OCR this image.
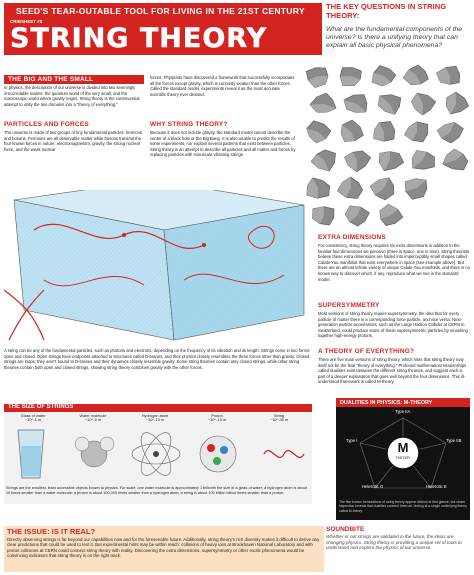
SEED'S TEAR-OUTABLE TOOL FOR LIVING IN THE 21ST CENTURY
CRIBSHEET #8
STRING THEORY
THE KEY QUESTIONS IN STRING THEORY:
What are the fundamental components of the universe? Is there a unifying theory that can explain all basic physical phenomena?
THE BIG AND THE SMALL
In physics, the description of our universe is divided into two seemingly irreconcilable realms: the quantum world of the very small, and the macroscopic world where gravity reigns. String theory is the controversial attempt to unify the two domains into a "theory of everything."
forces. Physicists have discovered a framework that successfully incorporates all the forces except gravity, which is curiously weaker than the other forces. Called the standard model, experiments reveal it as the most accurate scientific theory ever devised.
PARTICLES AND FORCES
The universe is made of two groups of tiny fundamental particles: fermions and bosons. Fermions are all observable matter while bosons transmit the four known forces in nature: electromagnetism, gravity, the strong nuclear force, and the weak nuclear
WHY STRING THEORY?
Because it does not include gravity, the standard model cannot describe the center of a black hole or the Big Bang. It is also unable to predict the results of some experiments, nor explain several patterns that exist between particles. String theory is an attempt to describe all particles and all matter and forces by replacing particles with minuscule vibrating strings.
A string can be any of the fundamental particles, such as photons and electrons, depending on the frequency of its vibration and its length. Strings come in two forms: open and closed. Open strings have endpoints attached to structures called D-branes, and their physics closely resembles the three forces other than gravity. Closed strings are loops; they aren't bound to D-branes and their dynamics closely resemble gravity. Some string theories contain only closed strings, while other string theories contain both open and closed strings, showing string theory combines gravity with the other forces.
EXTRA DIMENSIONS
For consistency, string theory requires six extra dimensions in addition to the familiar four dimensions we perceive (three in space, one in time). String theorists believe these extra dimensions are folded into imperceptibly small shapes called Calabi-Yau manifolds that exist everywhere in space (see example above). But there are an almost infinite variety of unique Calabi-Yau manifolds, and there is no known way to discover which, if any, reproduce what we see in the standard model.
SUPERSYMMETRY
Most versions of string theory require supersymmetry, the idea that for every particle of matter there is a corresponding force particle, and vice versa. Next-generation particle accelerators, such as the Large Hadron Collider at CERN in Switzerland, could produce some of these supersymmetric particles by smashing together high-energy protons.
A THEORY OF EVERYTHING?
There are five main versions of string theory, which hints that string theory may itself not be the final "theory of everything." Profound mathematical relationships called dualities exist between the different string theories, and suggest each is part of a deeper explanation that goes well beyond the four dimensions. This ill-understood framework is called M-theory.
THE SIZE OF STRINGS
Glass of water
~10^-1 m
Water molecule
~10^-9 m
Hydrogen atom
~10^-10 m
Proton
~10^-15 m
String
~10^-35 m
Strings are the smallest, least accessible objects known to physics. For scale, one water molecule is approximately 1 billionth the size of a glass of water; a hydrogen atom is about 10 times smaller than a water molecule; a proton is about 100,000 times smaller than a hydrogen atom; a string is about 100 billion billion times smaller than a proton.
DUALITIES IN PHYSICS: M-THEORY
M
THEORY
Type IIA
Type IIB
Type I
Heterotic E
Heterotic O
The five known formulations of string theory appear distinct at first glance, but closer inspection reveals that dualities connect them all, hinting at a single underlying theory called M-theory.
THE ISSUE: IS IT REAL?
Directly observing strings is far beyond our capabilities now and for the foreseeable future. Additionally, string theory's rich diversity makes it difficult to derive any clear predictions that could be used to test it. But experimental hints may be within reach: collisions of heavy ions at Brookhaven National Laboratory and with proton collisions at CERN could connect string theory with reality. Discovering the extra dimensions, supersymmetry or other exotic phenomena would be convincing indicators that string theory is on the right track.
SOUNDBITE
Whether or not strings are validated in the future, the ideas are changing physics. String theory is providing a unique set of tools to understand and explore the physics of our universe.
